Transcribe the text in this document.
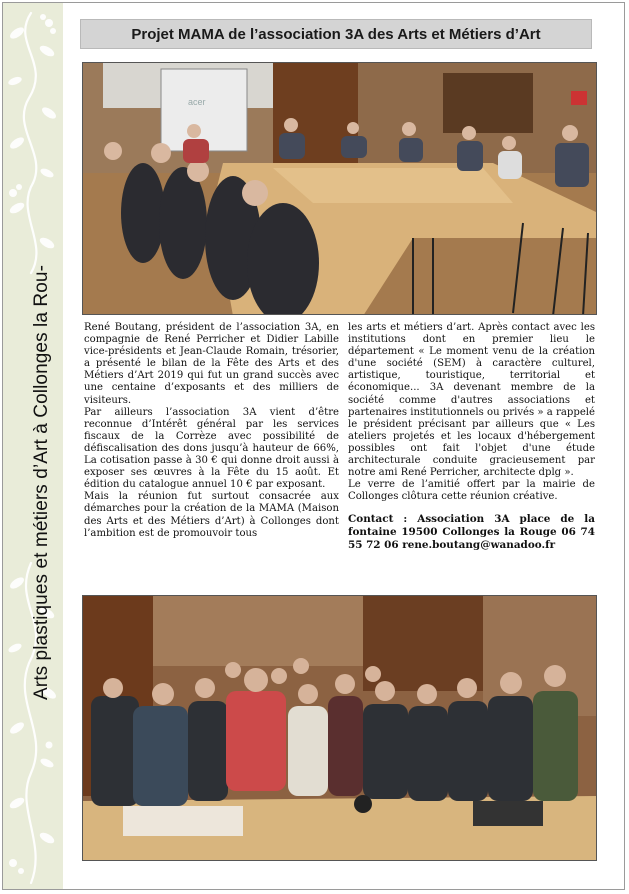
Arts plastiques et métiers d’Art à Collonges la Rou-
Projet MAMA de l’association 3A des Arts et Métiers d’Art
acer

René Boutang, président de l’association 3A, en compagnie de René Perricher et Didier Labille vice-présidents et Jean-Claude Romain, trésorier, a présenté le bilan de la Fête des Arts et des Métiers d’Art 2019 qui fut un grand succès avec une centaine d’exposants et des milliers de visiteurs.

Par ailleurs l’association 3A vient d’être reconnue d’Intérêt général par les services fiscaux de la Corrèze avec possibilité de défiscalisation des dons jusqu’à hauteur de 66%, La cotisation passe à 30 € qui donne droit aussi à exposer ses œuvres à la Fête du 15 août. Et édition du catalogue annuel 10 € par exposant.

Mais la réunion fut surtout consacrée aux démarches pour la création de la MAMA (Maison des Arts et des Métiers d’Art) à Collonges dont l’ambition est de promouvoir tous

les arts et métiers d’art. Après contact avec les institutions dont en premier lieu le département « Le moment venu de la création d'une société (SEM) à caractère culturel, artistique, touristique, territorial et économique... 3A devenant membre de la société comme d'autres associations et partenaires institutionnels ou privés » a rappelé le président précisant par ailleurs que « Les ateliers projetés et les locaux d'hébergement possibles ont fait l'objet d'une étude architecturale conduite gracieusement par notre ami René Perricher, architecte dplg ».

Le verre de l’amitié offert par la mairie de Collonges clôtura cette réunion créative.

Contact : Association 3A place de la fontaine 19500 Collonges la Rouge 06 74 55 72 06 rene.boutang@wanadoo.fr
